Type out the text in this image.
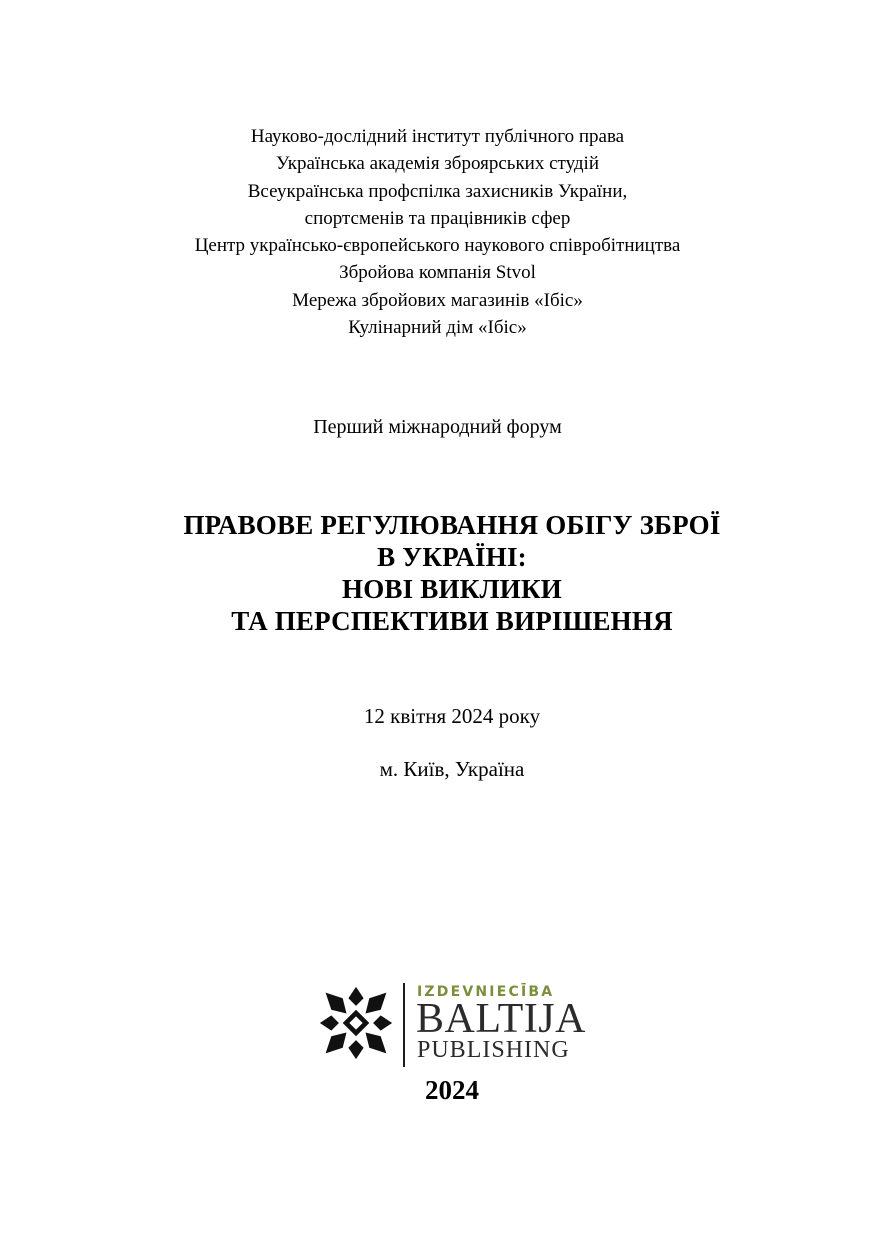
Науково-дослідний інститут публічного права
Українська академія зброярських студій
Всеукраїнська профспілка захисників України,
спортсменів та працівників сфер
Центр українсько-європейського наукового співробітництва
Збройова компанія Stvol
Мережа збройових магазинів «Ібіс»
Кулінарний дім «Ібіс»
Перший міжнародний форум
ПРАВОВЕ РЕГУЛЮВАННЯ ОБІГУ ЗБРОЇ
В УКРАЇНІ:
НОВІ ВИКЛИКИ
ТА ПЕРСПЕКТИВИ ВИРІШЕННЯ
12 квітня 2024 року
м. Київ, Україна
IZDEVNIECĪBA
BALTIJA
PUBLISHING
2024
